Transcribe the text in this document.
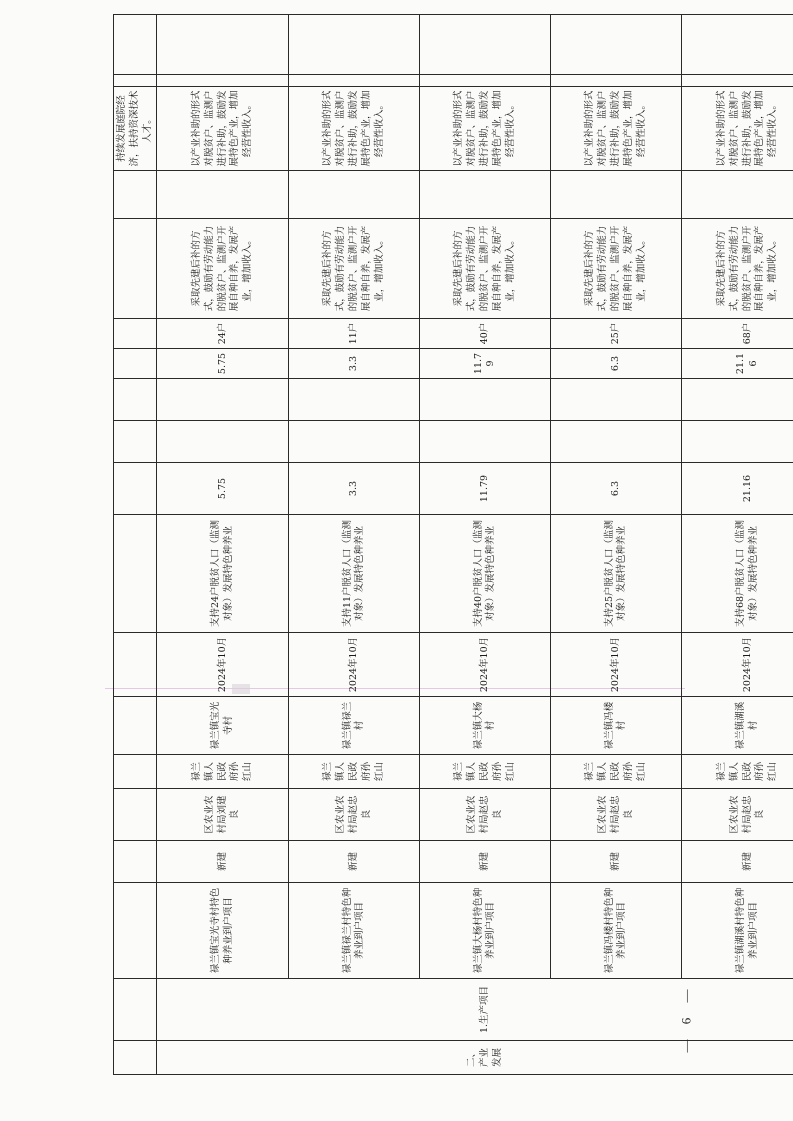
																持续发展庭院经济，扶持资深技术人才。		
二、产业发展	1.生产项目	禄兰镇宝光寺村特色种养业到户项目	新建	区农业农村局刘建良	禄兰镇人民政府孙红山	禄兰镇宝光寺村	2024年10月	支持24户脱贫人口（监测对象）发展特色种养业	5.75			5.75	24户	采取先建后补的方式，鼓励有劳动能力的脱贫户、监测户开展自种自养，发展产业，增加收入。		以产业补助的形式对脱贫户、监测户进行补助，鼓励发展特色产业，增加经营性收入。		
		禄兰镇禄兰村特色种养业到户项目	新建	区农业农村局赵忠良	禄兰镇人民政府孙红山	禄兰镇禄兰村	2024年10月	支持11户脱贫人口（监测对象）发展特色种养业	3.3			3.3	11户	采取先建后补的方式，鼓励有劳动能力的脱贫户、监测户开展自种自养，发展产业，增加收入。		以产业补助的形式对脱贫户、监测户进行补助，鼓励发展特色产业，增加经营性收入。		
		禄兰镇大杨村特色种养业到户项目	新建	区农业农村局赵忠良	禄兰镇人民政府孙红山	禄兰镇大杨村	2024年10月	支持40户脱贫人口（监测对象）发展特色种养业	11.79			11.79	40户	采取先建后补的方式，鼓励有劳动能力的脱贫户、监测户开展自种自养，发展产业，增加收入。		以产业补助的形式对脱贫户、监测户进行补助，鼓励发展特色产业，增加经营性收入。		
		禄兰镇冯楼村特色种养业到户项目	新建	区农业农村局赵忠良	禄兰镇人民政府孙红山	禄兰镇冯楼村	2024年10月	支持25户脱贫人口（监测对象）发展特色种养业	6.3			6.3	25户	采取先建后补的方式，鼓励有劳动能力的脱贫户、监测户开展自种自养，发展产业，增加收入。		以产业补助的形式对脱贫户、监测户进行补助，鼓励发展特色产业，增加经营性收入。		
		禄兰镇湖溪村特色种养业到户项目	新建	区农业农村局赵忠良	禄兰镇人民政府孙红山	禄兰镇湖溪村	2024年10月	支持68户脱贫人口（监测对象）发展特色种养业	21.16			21.16	68户	采取先建后补的方式，鼓励有劳动能力的脱贫户、监测户开展自种自养，发展产业，增加收入。		以产业补助的形式对脱贫户、监测户进行补助，鼓励发展特色产业，增加经营性收入。		
— 6 —
